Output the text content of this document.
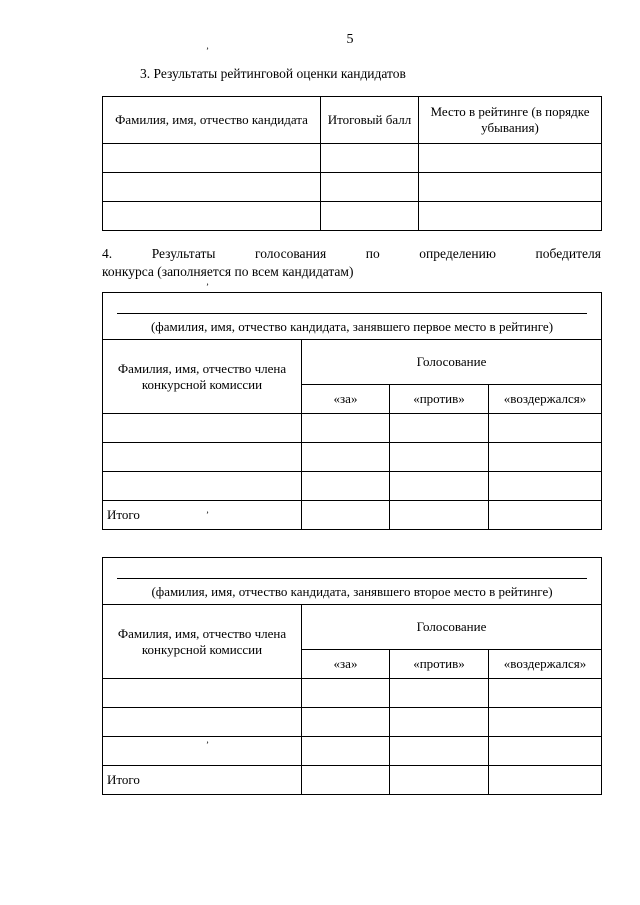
5
3. Результаты рейтинговой оценки кандидатов
Фамилия, имя, отчество кандидата	Итоговый балл	Место в рейтинге (в порядке убывания)

4.	Результаты	голосования	по	определению	победителя
конкурса (заполняется по всем кандидатам)
(фамилия, имя, отчество кандидата, занявшего первое место в рейтинге)			

Фамилия, имя, отчество члена конкурсной комиссии	Голосование		
	«за»	«против»	«воздержался»

Итого			
(фамилия, имя, отчество кандидата, занявшего второе место в рейтинге)			

Фамилия, имя, отчество члена конкурсной комиссии	Голосование		
	«за»	«против»	«воздержался»

Итого			
ʼ
ʼ
ʼ
ʼ
